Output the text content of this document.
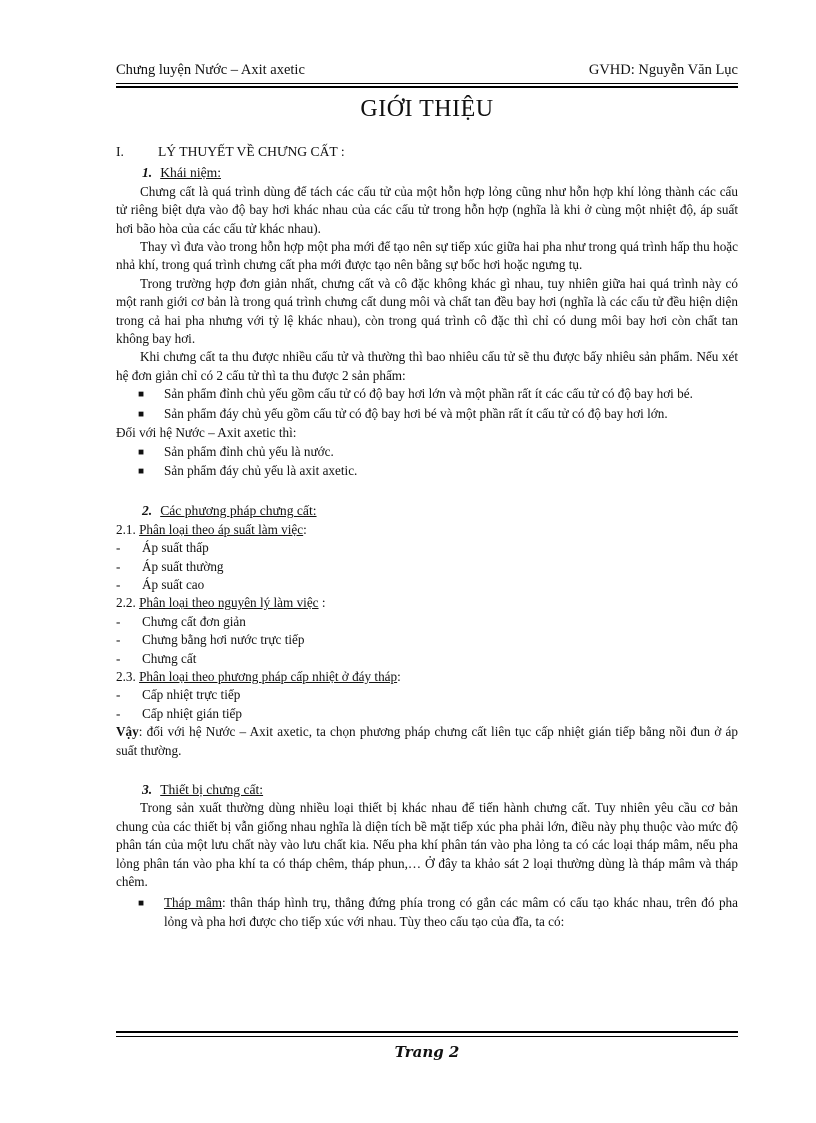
Chưng luyện Nước – Axit axetic	GVHD: Nguyễn Văn Lục
GIỚI THIỆU
I.	LÝ THUYẾT VỀ CHƯNG CẤT :
1. Khái niệm:

Chưng cất là quá trình dùng để tách các cấu tử của một hỗn hợp lỏng cũng như hỗn hợp khí lỏng thành các cấu tử riêng biệt dựa vào độ bay hơi khác nhau của các cấu tử trong hỗn hợp (nghĩa là khi ở cùng một nhiệt độ, áp suất hơi bão hòa của các cấu tử khác nhau).

Thay vì đưa vào trong hỗn hợp một pha mới để tạo nên sự tiếp xúc giữa hai pha như trong quá trình hấp thu hoặc nhả khí, trong quá trình chưng cất pha mới được tạo nên bằng sự bốc hơi hoặc ngưng tụ.

Trong trường hợp đơn giản nhất, chưng cất và cô đặc không khác gì nhau, tuy nhiên giữa hai quá trình này có một ranh giới cơ bản là trong quá trình chưng cất dung môi và chất tan đều bay hơi (nghĩa là các cấu tử đều hiện diện trong cả hai pha nhưng với tỷ lệ khác nhau), còn trong quá trình cô đặc thì chỉ có dung môi bay hơi còn chất tan không bay hơi.

Khi chưng cất ta thu được nhiều cấu tử và thường thì bao nhiêu cấu tử sẽ thu được bấy nhiêu sản phẩm. Nếu xét hệ đơn giản chỉ có 2 cấu tử thì ta thu được 2 sản phẩm:

■	Sản phẩm đỉnh chủ yếu gồm cấu tử có độ bay hơi lớn và một phần rất ít các cấu tử có độ bay hơi bé.
■	Sản phẩm đáy chủ yếu gồm cấu tử có độ bay hơi bé và một phần rất ít cấu tử có độ bay hơi lớn.

Đối với hệ Nước – Axit axetic thì:

■	Sản phẩm đỉnh chủ yếu là nước.
■	Sản phẩm đáy chủ yếu là axit axetic.
2. Các phương pháp chưng cất:
2.1. Phân loại theo áp suất làm việc:
-	Áp suất thấp
-	Áp suất thường
-	Áp suất cao
2.2. Phân loại theo nguyên lý làm việc :
-	Chưng cất đơn giản
-	Chưng bằng hơi nước trực tiếp
-	Chưng cất
2.3. Phân loại theo phương pháp cấp nhiệt ở đáy tháp:
-	Cấp nhiệt trực tiếp
-	Cấp nhiệt gián tiếp

Vậy: đối với hệ Nước – Axit axetic, ta chọn phương pháp chưng cất liên tục cấp nhiệt gián tiếp bằng nồi đun ở áp suất thường.

3. Thiết bị chưng cất:

Trong sản xuất thường dùng nhiều loại thiết bị khác nhau để tiến hành chưng cất. Tuy nhiên yêu cầu cơ bản chung của các thiết bị vẫn giống nhau nghĩa là diện tích bề mặt tiếp xúc pha phải lớn, điều này phụ thuộc vào mức độ phân tán của một lưu chất này vào lưu chất kia. Nếu pha khí phân tán vào pha lỏng ta có các loại tháp mâm, nếu pha lỏng phân tán vào pha khí ta có tháp chêm, tháp phun,… Ở đây ta khảo sát 2 loại thường dùng là tháp mâm và tháp chêm.

■	Tháp mâm: thân tháp hình trụ, thẳng đứng phía trong có gắn các mâm có cấu tạo khác nhau, trên đó pha lỏng và pha hơi được cho tiếp xúc với nhau. Tùy theo cấu tạo của đĩa, ta có:
Trang 2
